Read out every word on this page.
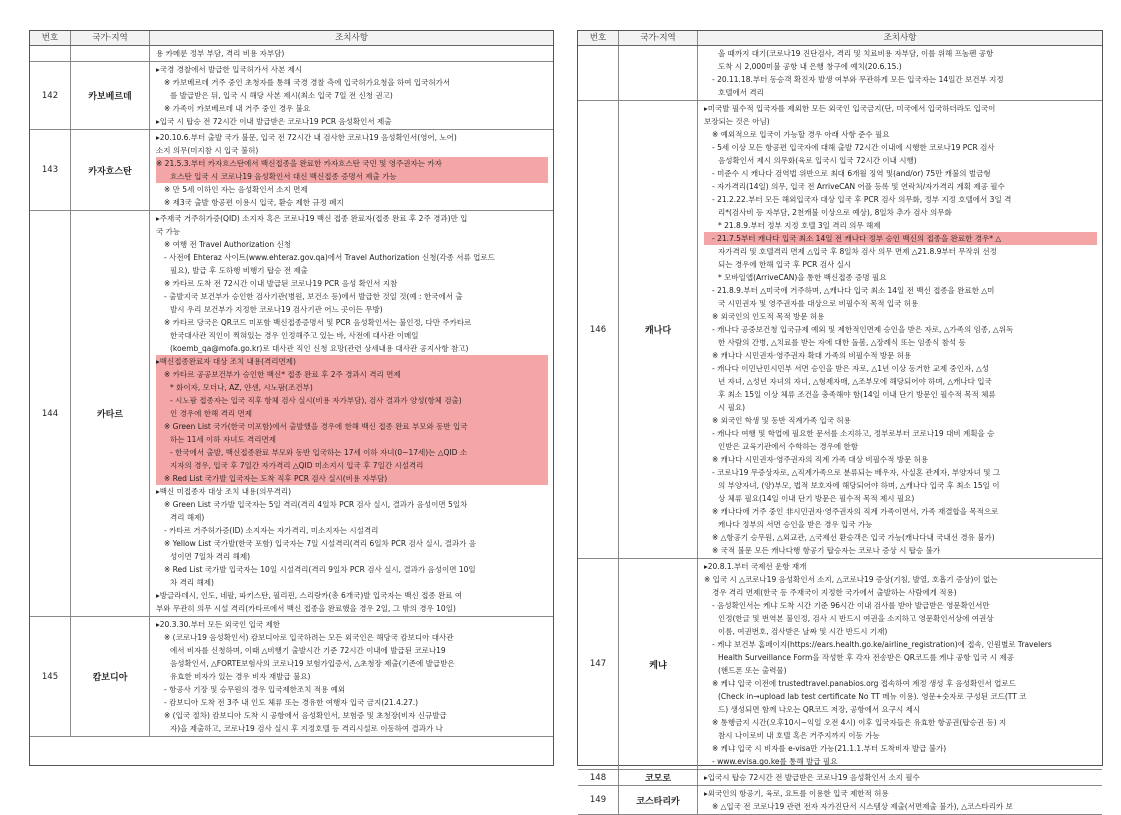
번호	국가·지역	조치사항

용 카메룬 정부 부담, 격리 비용 자부담)

142	카보베르데

▸국경 경찰에서 발급한 입국허가서 사본 제시

※ 카보베르데 거주 중인 초청자를 통해 국경 경찰 측에 입국허가요청을 하여 입국허가서

를 발급받은 뒤, 입국 시 해당 사본 제시(최소 입국 7일 전 신청 권고)

※ 가족이 카보베르데 내 거주 중인 경우 불요

▸입국 시 탑승 전 72시간 이내 발급받은 코로나19 PCR 음성확인서 제출

143	카자흐스탄

▸20.10.6.부터 출발 국가 불문, 입국 전 72시간 내 검사한 코로나19 음성확인서(영어, 노어)

소지 의무(미지참 시 입국 불허)

※ 21.5.3.부터 카자흐스탄에서 백신접종을 완료한 카자흐스탄 국민 및 영주권자는 카자

흐스탄 입국 시 코로나19 음성확인서 대신 백신접종 증명서 제출 가능

※ 만 5세 이하인 자는 음성확인서 소지 면제

※ 제3국 출발 항공편 이용시 입국, 환승 제한 규정 폐지

144	카타르

▸주재국 거주허가증(QID) 소지자 혹은 코로나19 백신 접종 완료자(접종 완료 후 2주 경과)만 입

국 가능

※ 여행 전 Travel Authorization 신청

- 사전에 Ehteraz 사이트(www.ehteraz.gov.qa)에서 Travel Authorization 신청(각종 서류 업로드

필요), 발급 후 도하행 비행기 탑승 전 제출

※ 카타르 도착 전 72시간 이내 발급된 코로나19 PCR 음성 확인서 지참

- 출발지국 보건부가 승인한 검사기관(병원, 보건소 등)에서 발급한 것일 것(예 : 한국에서 출

발시 우리 보건부가 지정한 코로나19 검사기관 어느 곳이든 무방)

※ 카타르 당국은 QR코드 미포함 백신접종증명서 및 PCR 음성확인서는 불인정, 다만 주카타르

한국대사관 직인이 찍혀있는 경우 인정해주고 있는 바, 사전에 대사관 이메일

(koemb_qa@mofa.go.kr)로 대사관 직인 신청 요망(관련 상세내용 대사관 공지사항 참고)

▸백신접종완료자 대상 조치 내용(격리면제)

※ 카타르 공공보건부가 승인한 백신* 접종 완료 후 2주 경과시 격리 면제

* 화이자, 모더나, AZ, 얀센, 시노팜(조건부)

- 시노팜 접종자는 입국 직후 항체 검사 실시(비용 자가부담), 검사 결과가 양성(항체 검출)

인 경우에 한해 격리 면제

※ Green List 국가(한국 미포함)에서 출발했을 경우에 한해 백신 접종 완료 부모와 동반 입국

하는 11세 이하 자녀도 격리면제

- 한국에서 출발, 백신접종완료 부모와 동반 입국하는 17세 이하 자녀(0~17세)는 △QID 소

지자의 경우, 입국 후 7일간 자가격리 △QID 미소지시 입국 후 7일간 시설격리

※ Red List 국가발 입국자는 도착 직후 PCR 검사 실시(비용 자부담)

▸백신 미접종자 대상 조치 내용(의무격리)

※ Green List 국가발 입국자는 5일 격리(격리 4일차 PCR 검사 실시, 결과가 음성이면 5일차

격리 해제)

- 카타르 거주허가증(ID) 소지자는 자가격리, 미소지자는 시설격리

※ Yellow List 국가발(한국 포함) 입국자는 7일 시설격리(격리 6일차 PCR 검사 실시, 결과가 음

성이면 7일차 격리 해제)

※ Red List 국가발 입국자는 10일 시설격리(격리 9일차 PCR 검사 실시, 결과가 음성이면 10일

차 격리 해제)

▸방글라데시, 인도, 네팔, 파키스탄, 필리핀, 스리랑카(총 6개국)발 입국자는 백신 접종 완료 여

부와 무관히 의무 시설 격리(카타르에서 백신 접종을 완료했을 경우 2일, 그 밖의 경우 10일)

145	캄보디아

▸20.3.30.부터 모든 외국인 입국 제한

※ (코로나19 음성확인서) 캄보디아로 입국하려는 모든 외국인은 해당국 캄보디아 대사관

에서 비자를 신청하며, 이때 △비행기 출발시간 기준 72시간 이내에 발급된 코로나19

음성확인서, △FORTE보험사의 코로나19 보험가입증서, △초청장 제출(기존에 발급받은

유효한 비자가 있는 경우 비자 재발급 불요)

- 항공사 기장 및 승무원의 경우 입국제한조치 적용 예외

- 캄보디아 도착 전 3주 내 인도 체류 또는 경유한 여행자 입국 금지(21.4.27.)

※ (입국 절차) 캄보디아 도착 시 공항에서 음성확인서, 보험증 및 초청장(비자 신규발급

자)을 제출하고, 코로나19 검사 실시 후 지정호텔 등 격리시설로 이동하여 결과가 나

번호	국가·지역	조치사항

올 때까지 대기(코로나19 진단검사, 격리 및 치료비용 자부담, 이를 위해 프놈펜 공항

도착 시 2,000미불 공항 내 은행 창구에 예치(20.6.15.)

- 20.11.18.부터 동승객 확진자 발생 여부와 무관하게 모든 입국자는 14일간 보건부 지정

호텔에서 격리

146	캐나다

▸미국발 필수적 입국자를 제외한 모든 외국인 입국금지(단, 미국에서 입국하더라도 입국이

보장되는 것은 아님)

※ 예외적으로 입국이 가능할 경우 아래 사항 준수 필요

- 5세 이상 모든 항공편 입국자에 대해 출발 72시간 이내에 시행한 코로나19 PCR 검사

음성확인서 제시 의무화(육로 입국시 입국 72시간 이내 시행)

- 미준수 시 캐나다 검역법 위반으로 최대 6개월 징역 및(and/or) 75만 캐불의 벌금형

- 자가격리(14일) 의무, 입국 전 ArriveCAN 어플 등록 및 연락처/자가격리 계획 제공 필수

- 21.2.22.부터 모든 해외입국자 대상 입국 후 PCR 검사 의무화, 정부 지정 호텔에서 3일 격

리*(검사비 등 자부담, 2천캐불 이상으로 예상), 8일차 추가 검사 의무화

* 21.8.9.부터 정부 지정 호텔 3일 격리 의무 해제

- 21.7.5부터 캐나다 입국 최소 14일 전 캐나다 정부 승인 백신의 접종을 완료한 경우* △

자가격리 및 호텔격리 면제 △입국 후 8일차 검사 의무 면제 △21.8.9부터 무작위 선정

되는 경우에 한해 입국 후 PCR 검사 실시

* 모바일앱(ArriveCAN)을 통한 백신접종 증명 필요

- 21.8.9.부터 △미국에 거주하며, △캐나다 입국 최소 14일 전 백신 접종을 완료한 △미

국 시민권자 및 영주권자를 대상으로 비필수적 목적 입국 허용

※ 외국인의 인도적 목적 방문 허용

- 캐나다 공중보건청 입국규제 예외 및 제한적인면제 승인을 받은 자로, △가족의 임종, △위독

한 사람의 간병, △치료를 받는 자에 대한 돌봄, △장례식 또는 임종식 참석 등

※ 캐나다 시민권자·영주권자 확대 가족의 비필수적 방문 허용

- 캐나다 이민난민시민부 서면 승인을 받은 자로, △1년 이상 동거한 교제 중인자, △성

년 자녀, △성년 자녀의 자녀, △형제자매, △조부모에 해당되어야 하며, △캐나다 입국

후 최소 15일 이상 체류 조건을 충족해야 함(14일 이내 단기 방문인 필수적 목적 체류

시 필요)

※ 외국인 학생 및 동반 직계가족 입국 허용

- 캐나다 여행 및 학업에 필요한 문서를 소지하고, 정부로부터 코로나19 대비 계획을 승

인받은 교육기관에서 수학하는 경우에 한함

※ 캐나다 시민권자·영주권자의 직계 가족 대상 비필수적 방문 허용

- 코로나19 무증상자로, △직계가족으로 분류되는 배우자, 사실혼 관계자, 부양자녀 및 그

의 부양자녀, (양)부모, 법적 보호자에 해당되어야 하며, △캐나다 입국 후 최소 15일 이

상 체류 필요(14일 이내 단기 방문은 필수적 목적 제시 필요)

※ 캐나다에 거주 중인 非시민권자·영주권자의 직계 가족이면서, 가족 재결합을 목적으로

캐나다 정부의 서면 승인을 받은 경우 입국 가능

※ △항공기 승무원, △외교관, △국제선 환승객은 입국 가능(캐나다내 국내선 경유 불가)

※ 국적 불문 모든 캐나다행 항공기 탑승자는 코로나 증상 시 탑승 불가

147	케냐

▸20.8.1.부터 국제선 운항 재개

※ 입국 시 △코로나19 음성확인서 소지, △코로나19 증상(기침, 발열, 호흡기 증상)이 없는

경우 격리 면제(한국 등 주재국이 지정한 국가에서 출발하는 사람에게 적용)

- 음성확인서는 케냐 도착 시간 기준 96시간 이내 검사를 받아 발급받은 영문확인서만

인정(한글 및 번역본 불인정, 검사 시 반드시 여권을 소지하고 영문확인서상에 여권상

이름, 여권번호, 검사받은 날짜 및 시간 반드시 기재)

- 케냐 보건부 홈페이지(https://ears.health.go.ke/airline_registration)에 접속, 인원별로 Travelers

Health Surveillance Form을 작성한 후 각자 전송받은 QR코드를 케냐 공항 입국 시 제공

(핸드폰 또는 출력물)

※ 케냐 입국 이전에 trustedtravel.panabios.org 접속하여 계정 생성 후 음성확인서 업로드

(Check in→upload lab test certificate No TT 메뉴 이용). 영문+숫자로 구성된 코드(TT 코

드) 생성되면 함께 나오는 QR코드 저장, 공항에서 요구시 제시

※ 통행금지 시간(오후10시~익일 오전 4시) 이후 입국자들은 유효한 항공권(탑승권 등) 지

참시 나이로비 내 호텔 혹은 거주지까지 이동 가능

※ 케냐 입국 시 비자를 e-visa만 가능(21.1.1.부터 도착비자 발급 불가)

- www.evisa.go.ke를 통해 발급 필요

148	코모로	▸입국시 탑승 72시간 전 발급받은 코로나19 음성확인서 소지 필수

149	코스타리카

▸외국인의 항공기, 육로, 요트를 이용한 입국 제한적 허용

※ △입국 전 코로나19 관련 전자 자가진단서 시스템상 제출(서면제출 불가), △코스타리카 보
